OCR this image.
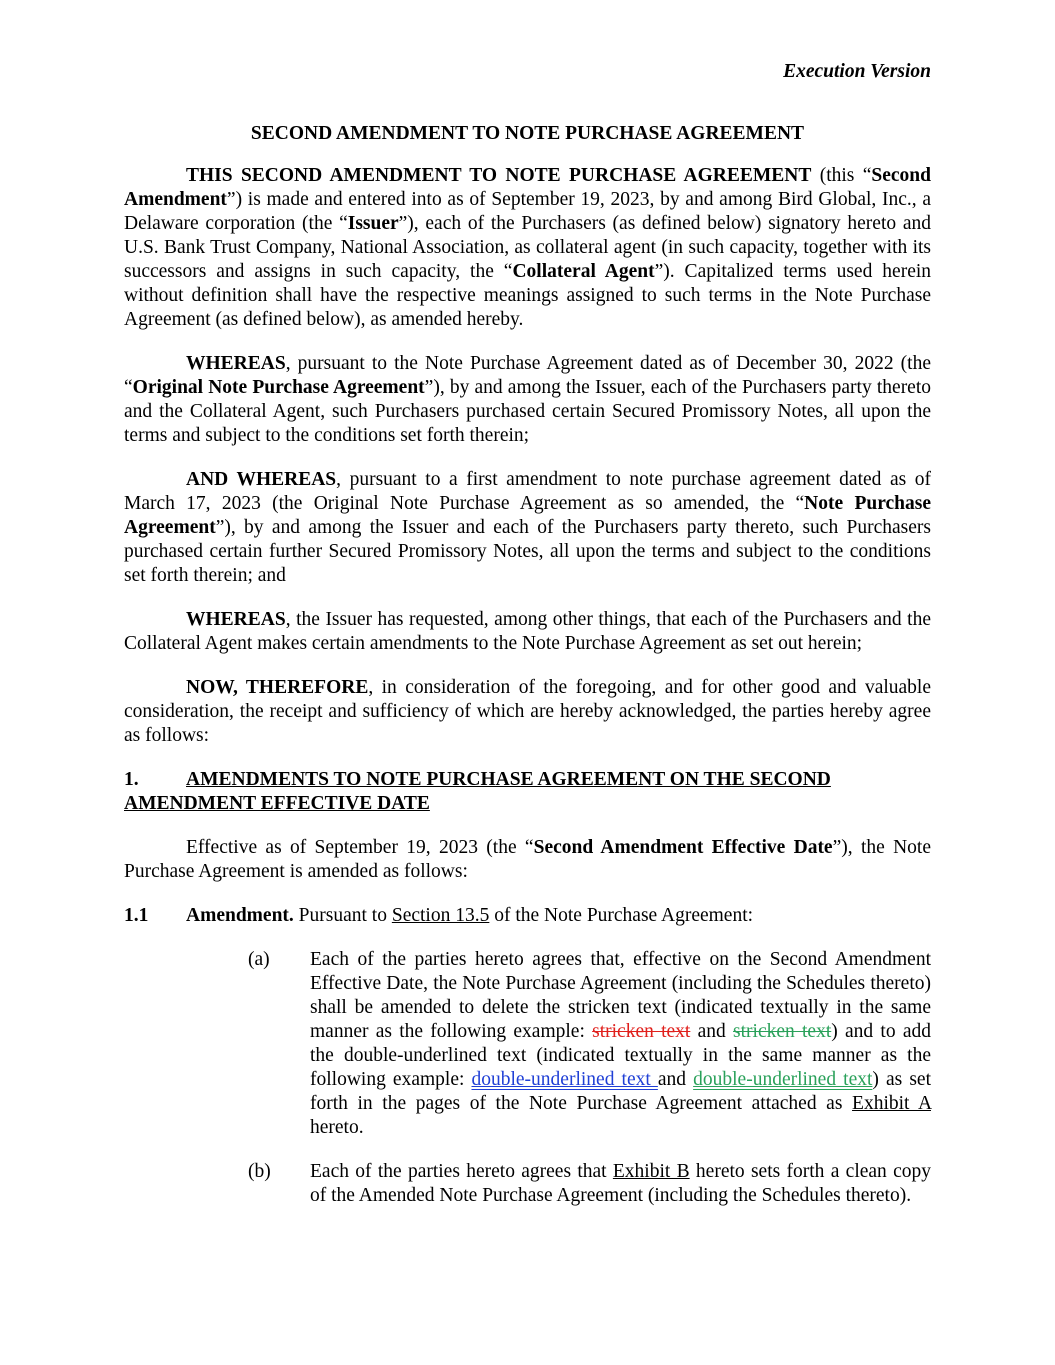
Execution Version

SECOND AMENDMENT TO NOTE PURCHASE AGREEMENT

THIS SECOND AMENDMENT TO NOTE PURCHASE AGREEMENT (this “Second Amendment”) is made and entered into as of September 19, 2023, by and among Bird Global, Inc., a Delaware corporation (the “Issuer”), each of the Purchasers (as defined below) signatory hereto and U.S. Bank Trust Company, National Association, as collateral agent (in such capacity, together with its successors and assigns in such capacity, the “Collateral Agent”). Capitalized terms used herein without definition shall have the respective meanings assigned to such terms in the Note Purchase Agreement (as defined below), as amended hereby.

WHEREAS, pursuant to the Note Purchase Agreement dated as of December 30, 2022 (the “Original Note Purchase Agreement”), by and among the Issuer, each of the Purchasers party thereto and the Collateral Agent, such Purchasers purchased certain Secured Promissory Notes, all upon the terms and subject to the conditions set forth therein;

AND WHEREAS, pursuant to a first amendment to note purchase agreement dated as of March 17, 2023 (the Original Note Purchase Agreement as so amended, the “Note Purchase Agreement”), by and among the Issuer and each of the Purchasers party thereto, such Purchasers purchased certain further Secured Promissory Notes, all upon the terms and subject to the conditions set forth therein; and

WHEREAS, the Issuer has requested, among other things, that each of the Purchasers and the Collateral Agent makes certain amendments to the Note Purchase Agreement as set out herein;

NOW, THEREFORE, in consideration of the foregoing, and for other good and valuable consideration, the receipt and sufficiency of which are hereby acknowledged, the parties hereby agree as follows:

1. AMENDMENTS TO NOTE PURCHASE AGREEMENT ON THE SECOND AMENDMENT EFFECTIVE DATE

Effective as of September 19, 2023 (the “Second Amendment Effective Date”), the Note Purchase Agreement is amended as follows:

1.1 Amendment. Pursuant to Section 13.5 of the Note Purchase Agreement:

(a)	Each of the parties hereto agrees that, effective on the Second Amendment Effective Date, the Note Purchase Agreement (including the Schedules thereto) shall be amended to delete the stricken text (indicated textually in the same manner as the following example: stricken text and stricken text) and to add the double-underlined text (indicated textually in the same manner as the following example: double-underlined text and double-underlined text) as set forth in the pages of the Note Purchase Agreement attached as Exhibit A hereto.
(b)	Each of the parties hereto agrees that Exhibit B hereto sets forth a clean copy of the Amended Note Purchase Agreement (including the Schedules thereto).
